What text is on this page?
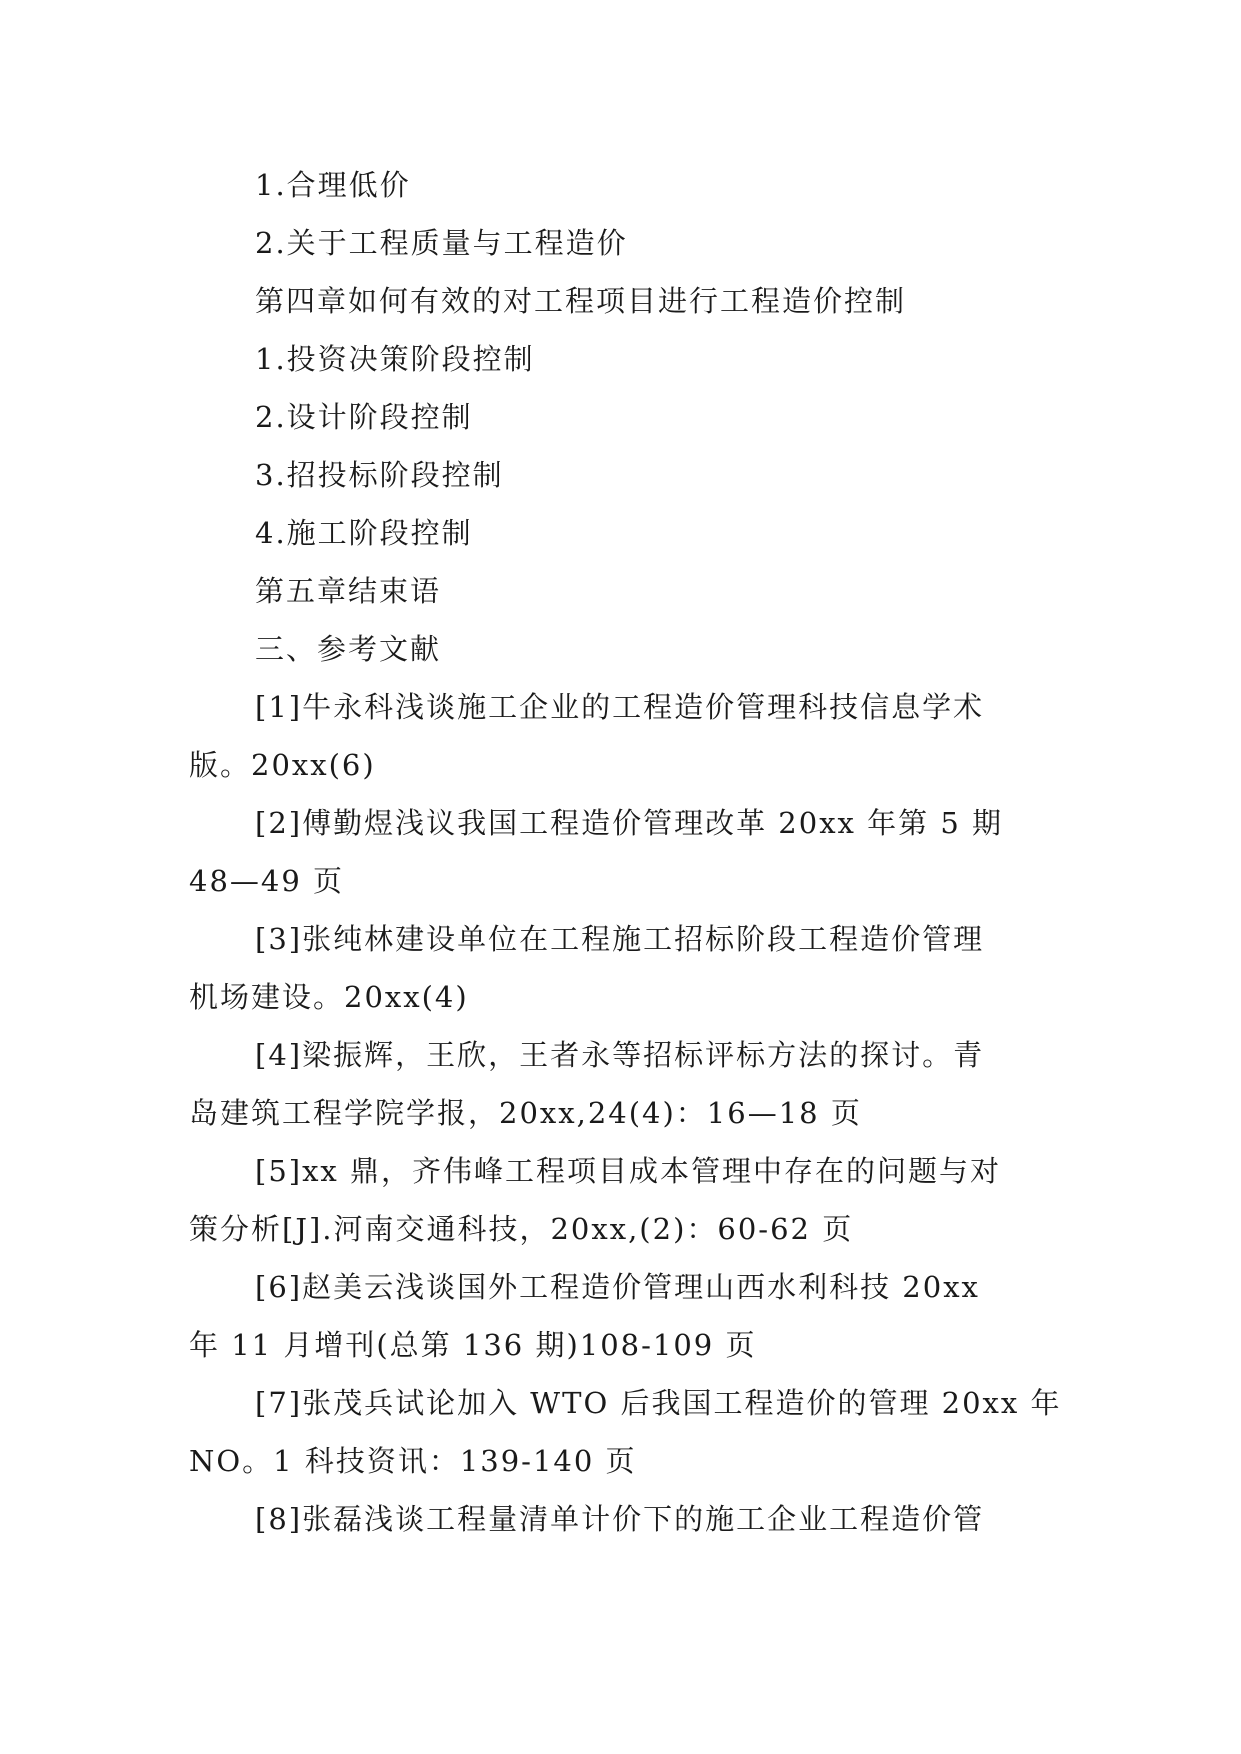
1.合理低价
2.关于工程质量与工程造价
第四章如何有效的对工程项目进行工程造价控制
1.投资决策阶段控制
2.设计阶段控制
3.招投标阶段控制
4.施工阶段控制
第五章结束语
三、参考文献
[1]牛永科浅谈施工企业的工程造价管理科技信息学术
版。20xx(6)
[2]傅勤煜浅议我国工程造价管理改革 20xx 年第 5 期
48—49 页
[3]张纯林建设单位在工程施工招标阶段工程造价管理
机场建设。20xx(4)
[4]梁振辉，王欣，王者永等招标评标方法的探讨。青
岛建筑工程学院学报，20xx,24(4)：16—18 页
[5]xx 鼎，齐伟峰工程项目成本管理中存在的问题与对
策分析[J].河南交通科技，20xx,(2)：60-62 页
[6]赵美云浅谈国外工程造价管理山西水利科技 20xx
年 11 月增刊(总第 136 期)108-109 页
[7]张茂兵试论加入 WTO 后我国工程造价的管理 20xx 年
NO。1 科技资讯：139-140 页
[8]张磊浅谈工程量清单计价下的施工企业工程造价管
